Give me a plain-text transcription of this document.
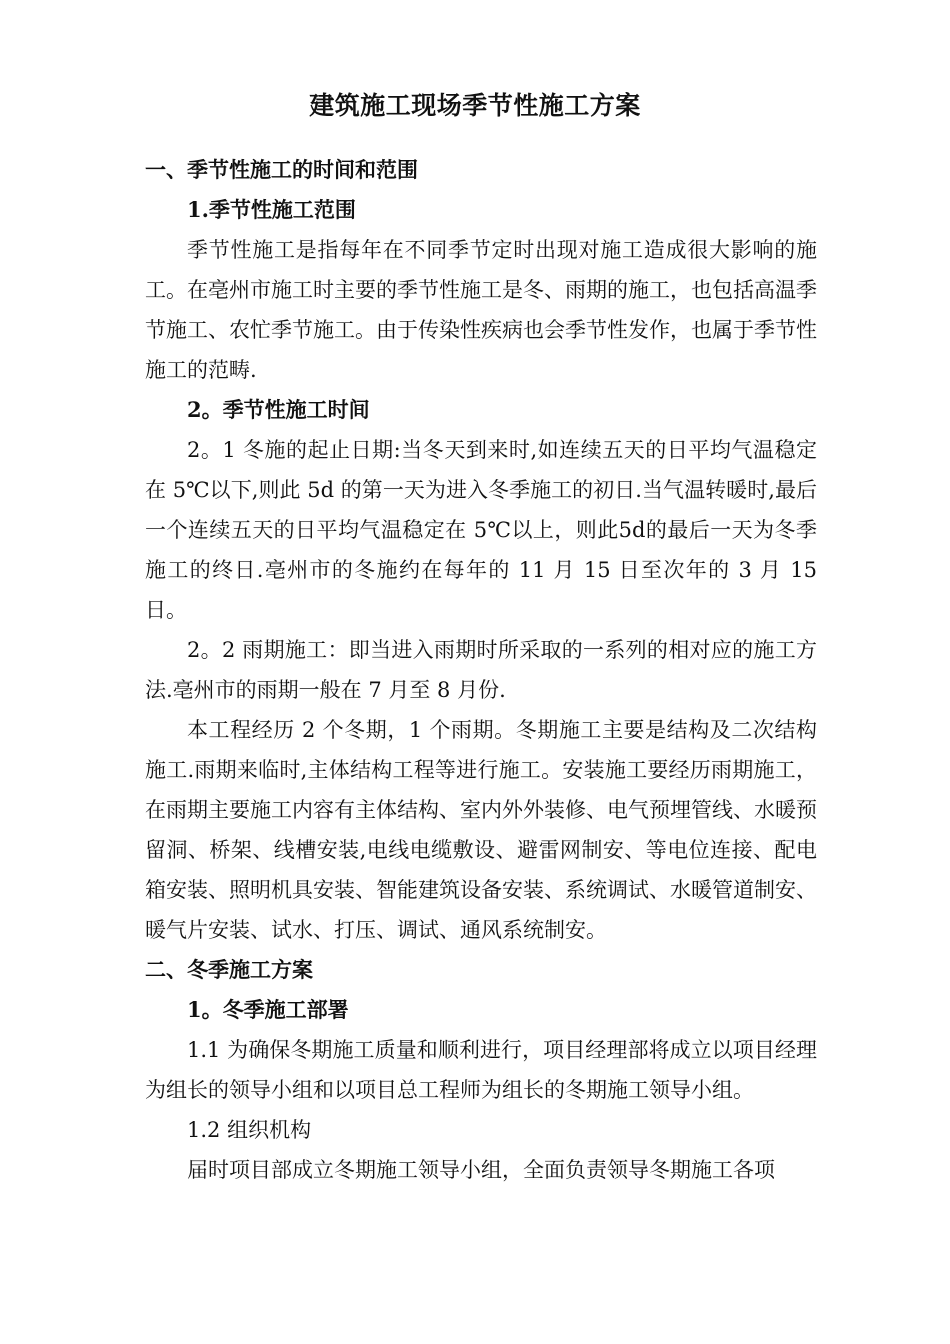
建筑施工现场季节性施工方案

一、季节性施工的时间和范围

1.季节性施工范围

季节性施工是指每年在不同季节定时出现对施工造成很大影响的施工。在亳州市施工时主要的季节性施工是冬、雨期的施工，也包括高温季节施工、农忙季节施工。由于传染性疾病也会季节性发作，也属于季节性施工的范畴.

2。季节性施工时间

2。1 冬施的起止日期:当冬天到来时,如连续五天的日平均气温稳定在 5℃以下,则此 5d 的第一天为进入冬季施工的初日.当气温转暖时,最后一个连续五天的日平均气温稳定在 5℃以上，则此5d的最后一天为冬季施工的终日.亳州市的冬施约在每年的 11 月 15 日至次年的 3 月 15 日。

2。2 雨期施工：即当进入雨期时所采取的一系列的相对应的施工方法.亳州市的雨期一般在 7 月至 8 月份.

本工程经历 2 个冬期，1 个雨期。冬期施工主要是结构及二次结构施工.雨期来临时,主体结构工程等进行施工。安装施工要经历雨期施工，在雨期主要施工内容有主体结构、室内外外装修、电气预埋管线、水暖预留洞、桥架、线槽安装,电线电缆敷设、避雷网制安、等电位连接、配电箱安装、照明机具安装、智能建筑设备安装、系统调试、水暖管道制安、暖气片安装、试水、打压、调试、通风系统制安。

二、冬季施工方案

1。冬季施工部署

1.1 为确保冬期施工质量和顺利进行，项目经理部将成立以项目经理为组长的领导小组和以项目总工程师为组长的冬期施工领导小组。

1.2 组织机构

届时项目部成立冬期施工领导小组，全面负责领导冬期施工各项
